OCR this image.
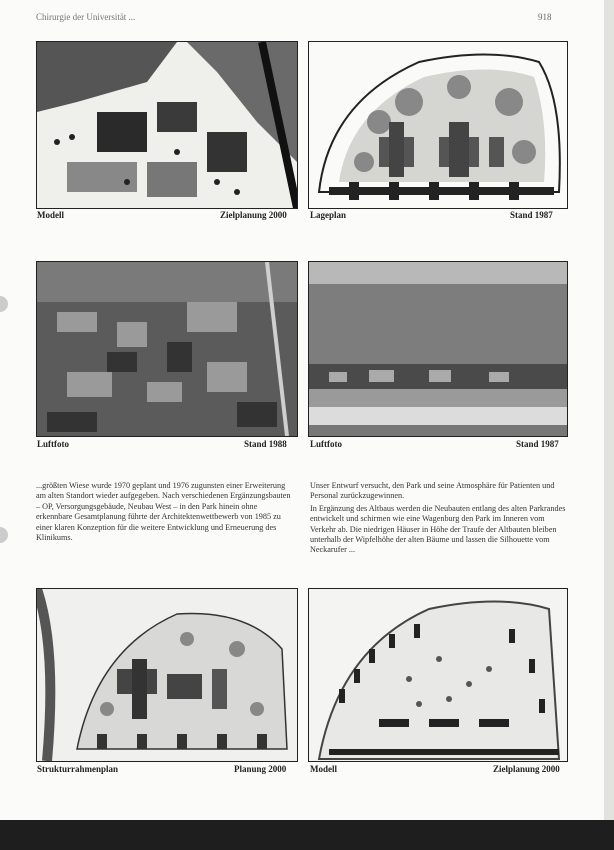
Chirurgie der Universität ...	918
Modell	Zielplanung 2000	Lageplan	Stand 1987
Luftfoto	Stand 1988	Luftfoto	Stand 1987

...größten Wiese wurde 1970 geplant und 1976 zugunsten einer Erweiterung am alten Standort wieder aufgegeben. Nach verschiedenen Ergänzungsbauten – OP, Versorgungsgebäude, Neubau West – in den Park hinein ohne erkennbare Gesamtplanung führte der Architektenwettbewerb von 1985 zu einer klaren Konzeption für die weitere Entwicklung und Erneuerung des Klinikums.

Unser Entwurf versucht, den Park und seine Atmosphäre für Patienten und Personal zurückzugewinnen.

In Ergänzung des Altbaus werden die Neubauten entlang des alten Parkrandes entwickelt und schirmen wie eine Wagenburg den Park im Inneren vom Verkehr ab. Die niedrigen Häuser in Höhe der Traufe der Altbauten bleiben unterhalb der Wipfelhöhe der alten Bäume und lassen die Silhouette vom Neckarufer ...

Strukturrahmenplan	Planung 2000	Modell	Zielplanung 2000
